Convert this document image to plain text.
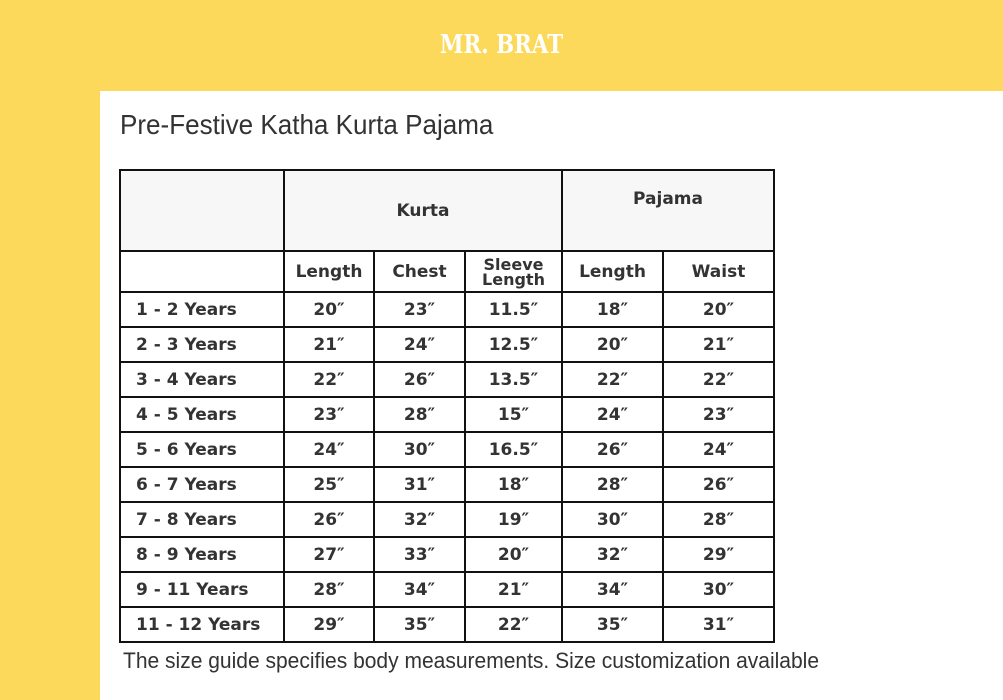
MR. BRAT
Pre-Festive Katha Kurta Pajama
	Kurta			Pajama	
	Length	Chest	Sleeve Length	Length	Waist
1 - 2 Years	20″	23″	11.5″	18″	20″
2 - 3 Years	21″	24″	12.5″	20″	21″
3 - 4 Years	22″	26″	13.5″	22″	22″
4 - 5 Years	23″	28″	15″	24″	23″
5 - 6 Years	24″	30″	16.5″	26″	24″
6 - 7 Years	25″	31″	18″	28″	26″
7 - 8 Years	26″	32″	19″	30″	28″
8 - 9 Years	27″	33″	20″	32″	29″
9 - 11 Years	28″	34″	21″	34″	30″
11 - 12 Years	29″	35″	22″	35″	31″
The size guide specifies body measurements. Size customization available
